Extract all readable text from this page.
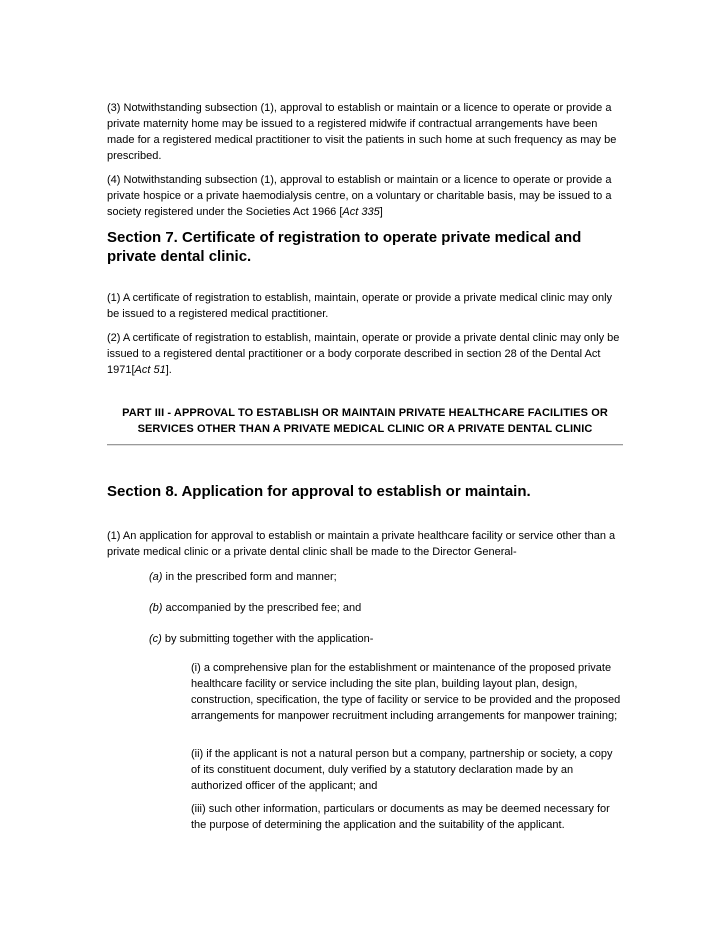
(3) Notwithstanding subsection (1), approval to establish or maintain or a licence to operate or provide a private maternity home may be issued to a registered midwife if contractual arrangements have been made for a registered medical practitioner to visit the patients in such home at such frequency as may be prescribed.

(4) Notwithstanding subsection (1), approval to establish or maintain or a licence to operate or provide a private hospice or a private haemodialysis centre, on a voluntary or charitable basis, may be issued to a society registered under the Societies Act 1966 [Act 335]

Section 7. Certificate of registration to operate private medical and private dental clinic.

(1) A certificate of registration to establish, maintain, operate or provide a private medical clinic may only be issued to a registered medical practitioner.

(2) A certificate of registration to establish, maintain, operate or provide a private dental clinic may only be issued to a registered dental practitioner or a body corporate described in section 28 of the Dental Act 1971[Act 51].

PART III - APPROVAL TO ESTABLISH OR MAINTAIN PRIVATE HEALTHCARE FACILITIES OR SERVICES OTHER THAN A PRIVATE MEDICAL CLINIC OR A PRIVATE DENTAL CLINIC
Section 8. Application for approval to establish or maintain.

(1) An application for approval to establish or maintain a private healthcare facility or service other than a private medical clinic or a private dental clinic shall be made to the Director General-

(a) in the prescribed form and manner;

(b) accompanied by the prescribed fee; and

(c) by submitting together with the application-

(i) a comprehensive plan for the establishment or maintenance of the proposed private healthcare facility or service including the site plan, building layout plan, design, construction, specification, the type of facility or service to be provided and the proposed arrangements for manpower recruitment including arrangements for manpower training;

(ii) if the applicant is not a natural person but a company, partnership or society, a copy of its constituent document, duly verified by a statutory declaration made by an authorized officer of the applicant; and

(iii) such other information, particulars or documents as may be deemed necessary for the purpose of determining the application and the suitability of the applicant.
